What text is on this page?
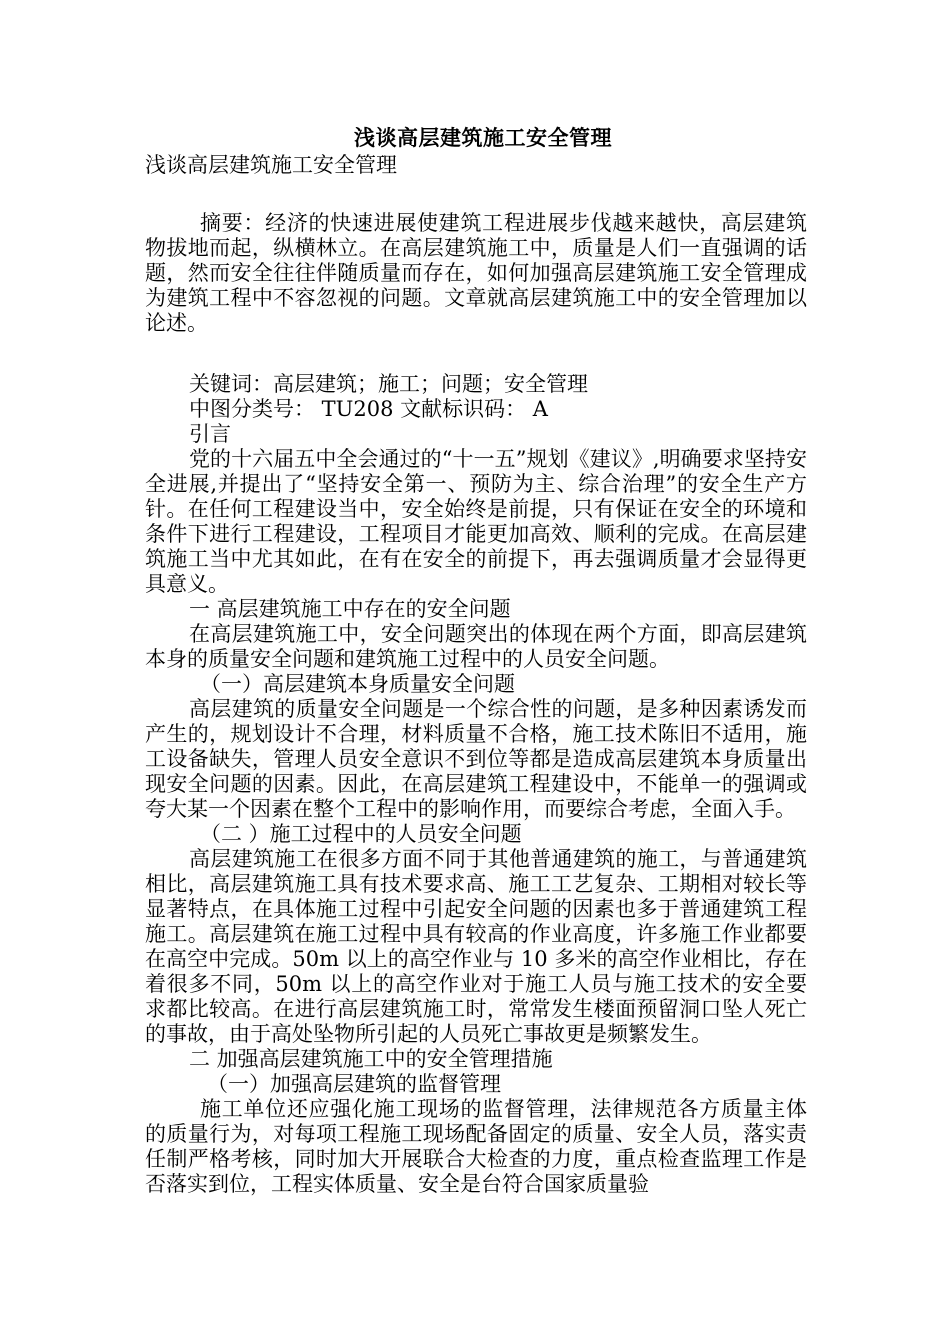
浅谈高层建筑施工安全管理

浅谈高层建筑施工安全管理

摘要：经济的快速进展使建筑工程进展步伐越来越快，高层建筑物拔地而起，纵横林立。在高层建筑施工中，质量是人们一直强调的话题，然而安全往往伴随质量而存在，如何加强高层建筑施工安全管理成为建筑工程中不容忽视的问题。文章就高层建筑施工中的安全管理加以论述。

关键词：高层建筑；施工；问题；安全管理

中图分类号： TU208 文献标识码： A

引言

党的十六届五中全会通过的“十一五”规划《建议》,明确要求坚持安全进展,并提出了“坚持安全第一、预防为主、综合治理”的安全生产方针。在任何工程建设当中，安全始终是前提，只有保证在安全的环境和条件下进行工程建设，工程项目才能更加高效、顺利的完成。在高层建筑施工当中尤其如此，在有在安全的前提下，再去强调质量才会显得更具意义。

一 高层建筑施工中存在的安全问题

在高层建筑施工中，安全问题突出的体现在两个方面，即高层建筑本身的质量安全问题和建筑施工过程中的人员安全问题。

（一）高层建筑本身质量安全问题

高层建筑的质量安全问题是一个综合性的问题，是多种因素诱发而产生的，规划设计不合理，材料质量不合格，施工技术陈旧不适用，施工设备缺失，管理人员安全意识不到位等都是造成高层建筑本身质量出现安全问题的因素。因此，在高层建筑工程建设中，不能单一的强调或夸大某一个因素在整个工程中的影响作用，而要综合考虑，全面入手。

（二 ）施工过程中的人员安全问题

高层建筑施工在很多方面不同于其他普通建筑的施工，与普通建筑相比，高层建筑施工具有技术要求高、施工工艺复杂、工期相对较长等显著特点，在具体施工过程中引起安全问题的因素也多于普通建筑工程施工。高层建筑在施工过程中具有较高的作业高度，许多施工作业都要在高空中完成。50m 以上的高空作业与 10 多米的高空作业相比，存在着很多不同，50m 以上的高空作业对于施工人员与施工技术的安全要求都比较高。在进行高层建筑施工时，常常发生楼面预留洞口坠人死亡的事故，由于高处坠物所引起的人员死亡事故更是频繁发生。

二 加强高层建筑施工中的安全管理措施

（一）加强高层建筑的监督管理

施工单位还应强化施工现场的监督管理，法律规范各方质量主体的质量行为，对每项工程施工现场配备固定的质量、安全人员，落实责任制严格考核，同时加大开展联合大检查的力度，重点检查监理工作是否落实到位，工程实体质量、安全是台符合国家质量验
